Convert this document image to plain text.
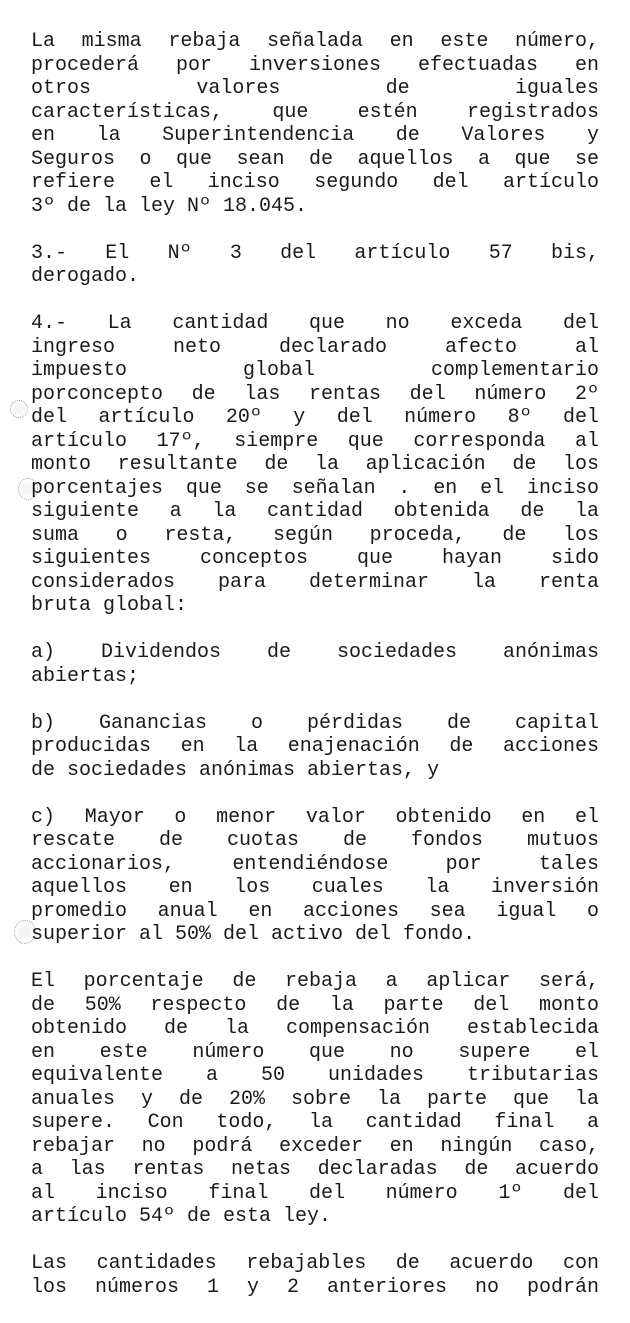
La misma rebaja señalada en este número,
procederá por inversiones efectuadas en
otros valores de iguales
características, que estén registrados
en la Superintendencia de Valores y
Seguros o que sean de aquellos a que se
refiere el inciso segundo del artículo
3º de la ley Nº 18.045.
3.- El Nº 3 del artículo 57 bis,
derogado.
4.- La cantidad que no exceda del
ingreso neto declarado afecto al
impuesto global complementario
porconcepto de las rentas del número 2º
del artículo 20º y del número 8º del
artículo 17º, siempre que corresponda al
monto resultante de la aplicación de los
porcentajes que se señalan . en el inciso
siguiente a la cantidad obtenida de la
suma o resta, según proceda, de los
siguientes conceptos que hayan sido
considerados para determinar la renta
bruta global:
a) Dividendos de sociedades anónimas
abiertas;
b) Ganancias o pérdidas de capital
producidas en la enajenación de acciones
de sociedades anónimas abiertas, y
c) Mayor o menor valor obtenido en el
rescate de cuotas de fondos mutuos
accionarios, entendiéndose por tales
aquellos en los cuales la inversión
promedio anual en acciones sea igual o
superior al 50% del activo del fondo.
El porcentaje de rebaja a aplicar será,
de 50% respecto de la parte del monto
obtenido de la compensación establecida
en este número que no supere el
equivalente a 50 unidades tributarias
anuales y de 20% sobre la parte que la
supere. Con todo, la cantidad final a
rebajar no podrá exceder en ningún caso,
a las rentas netas declaradas de acuerdo
al inciso final del número 1º del
artículo 54º de esta ley.
Las cantidades rebajables de acuerdo con
los números 1 y 2 anteriores no podrán
